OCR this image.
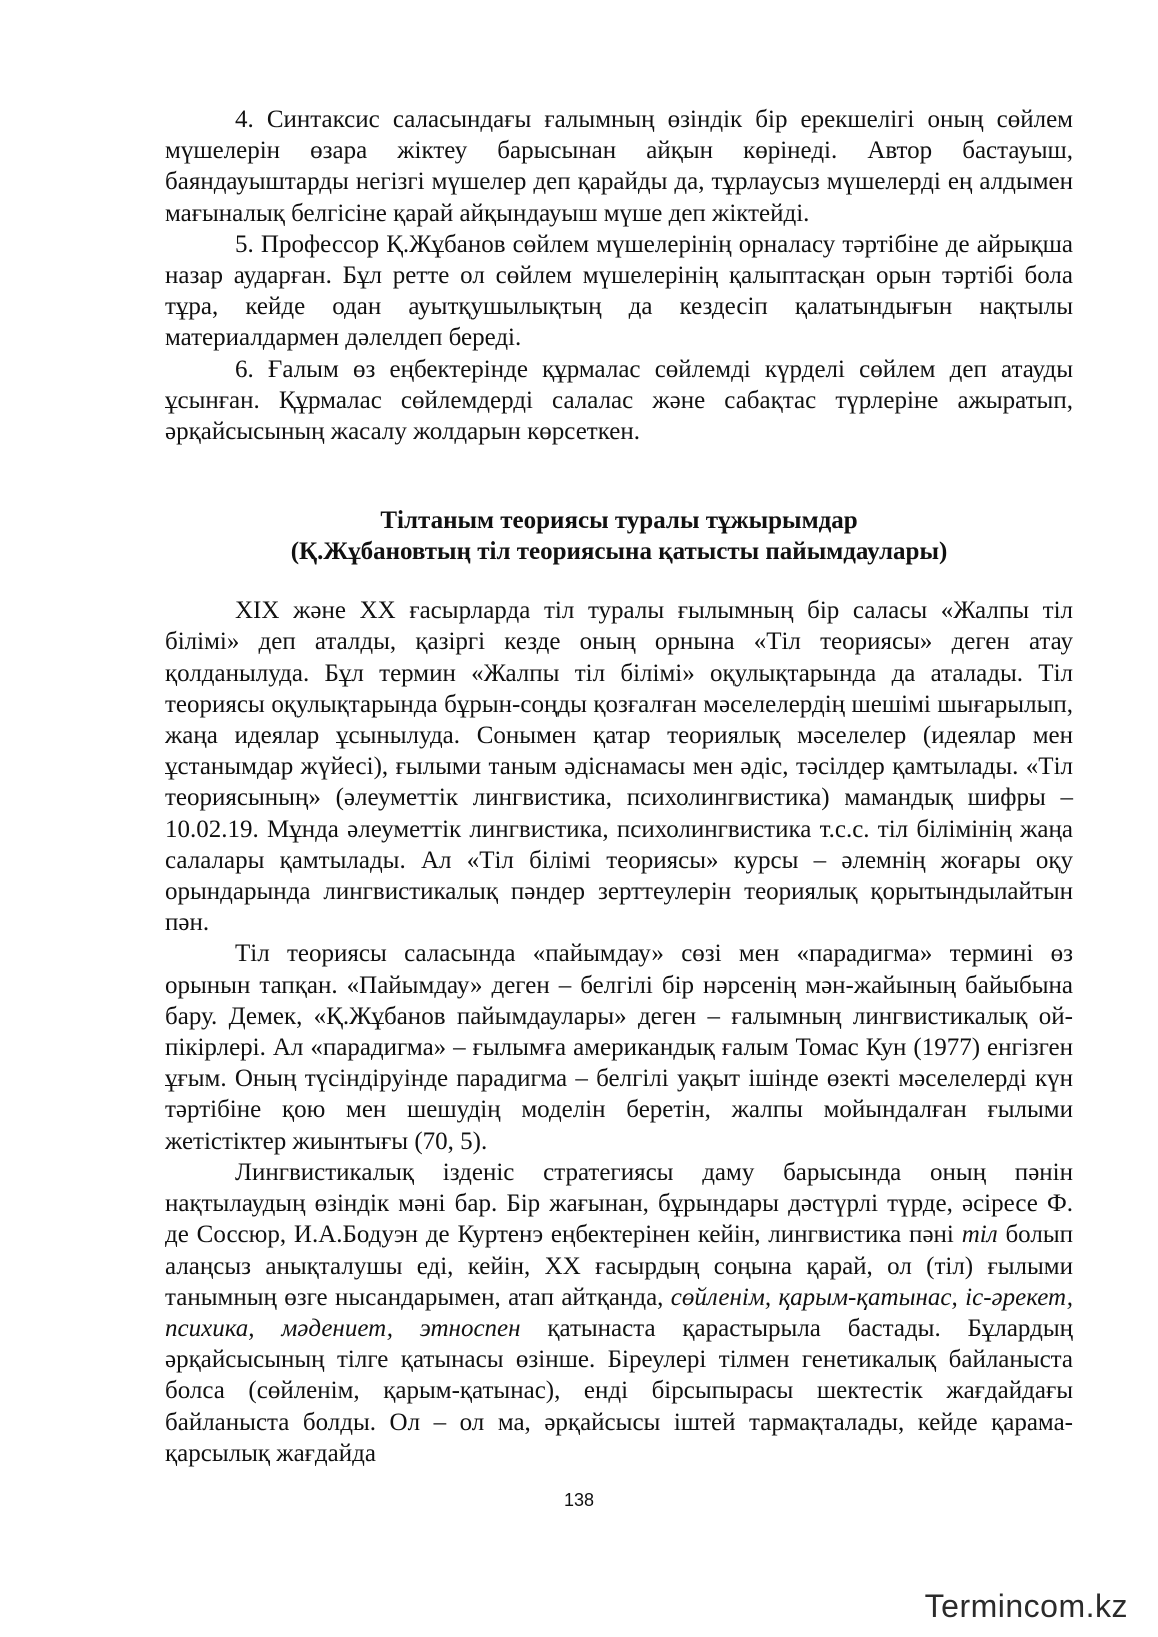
4. Синтаксис саласындағы ғалымның өзіндік бір ерекшелігі оның сөйлем мүшелерін өзара жіктеу барысынан айқын көрінеді. Автор бастауыш, баяндауыштарды негізгі мүшелер деп қарайды да, тұрлаусыз мүшелерді ең алдымен мағыналық белгісіне қарай айқындауыш мүше деп жіктейді.

5. Профессор Қ.Жұбанов сөйлем мүшелерінің орналасу тәртібіне де айрықша назар аударған. Бұл ретте ол сөйлем мүшелерінің қалыптасқан орын тәртібі бола тұра, кейде одан ауытқушылықтың да кездесіп қалатындығын нақтылы материалдармен дәлелдеп береді.

6. Ғалым өз еңбектерінде құрмалас сөйлемді күрделі сөйлем деп атауды ұсынған. Құрмалас сөйлемдерді салалас және сабақтас түрлеріне ажыратып, әрқайсысының жасалу жолдарын көрсеткен.

Тілтаным теориясы туралы тұжырымдар
(Қ.Жұбановтың тіл теориясына қатысты пайымдаулары)

XIX және XX ғасырларда тіл туралы ғылымның бір саласы «Жалпы тіл білімі» деп аталды, қазіргі кезде оның орнына «Тіл теориясы» деген атау қолданылуда. Бұл термин «Жалпы тіл білімі» оқулықтарында да аталады. Тіл теориясы оқулықтарында бұрын-соңды қозғалған мәселелердің шешімі шығарылып, жаңа идеялар ұсынылуда. Сонымен қатар теориялық мәселелер (идеялар мен ұстанымдар жүйесі), ғылыми таным әдіснамасы мен әдіс, тәсілдер қамтылады. «Тіл теориясының» (әлеуметтік лингвистика, психолингвистика) мамандық шифры – 10.02.19. Мұнда әлеуметтік лингвистика, психолингвистика т.с.с. тіл білімінің жаңа салалары қамтылады. Ал «Тіл білімі теориясы» курсы – әлемнің жоғары оқу орындарында лингвистикалық пәндер зерттеулерін теориялық қорытындылайтын пән.

Тіл теориясы саласында «пайымдау» сөзі мен «парадигма» термині өз орынын тапқан. «Пайымдау» деген – белгілі бір нәрсенің мән-жайының байыбына бару. Демек, «Қ.Жұбанов пайымдаулары» деген – ғалымның лингвистикалық ой-пікірлері. Ал «парадигма» – ғылымға американдық ғалым Томас Кун (1977) енгізген ұғым. Оның түсіндіруінде парадигма – белгілі уақыт ішінде өзекті мәселелерді күн тәртібіне қою мен шешудің моделін беретін, жалпы мойындалған ғылыми жетістіктер жиынтығы (70, 5).

Лингвистикалық ізденіс стратегиясы даму барысында оның пәнін нақтылаудың өзіндік мәні бар. Бір жағынан, бұрындары дәстүрлі түрде, әсіресе Ф. де Соссюр, И.А.Бодуэн де Куртенэ еңбектерінен кейін, лингвистика пәні тіл болып алаңсыз анықталушы еді, кейін, XX ғасырдың соңына қарай, ол (тіл) ғылыми танымның өзге нысандарымен, атап айтқанда, сөйленім, қарым-қатынас, іс-әрекет, психика, мәдениет, этноспен қатынаста қарастырыла бастады. Бұлардың әрқайсысының тілге қатынасы өзінше. Біреулері тілмен генетикалық байланыста болса (сөйленім, қарым-қатынас), енді бірсыпырасы шектестік жағдайдағы байланыста болды. Ол – ол ма, әрқайсысы іштей тармақталады, кейде қарама-қарсылық жағдайда

138
Termincom.kz
